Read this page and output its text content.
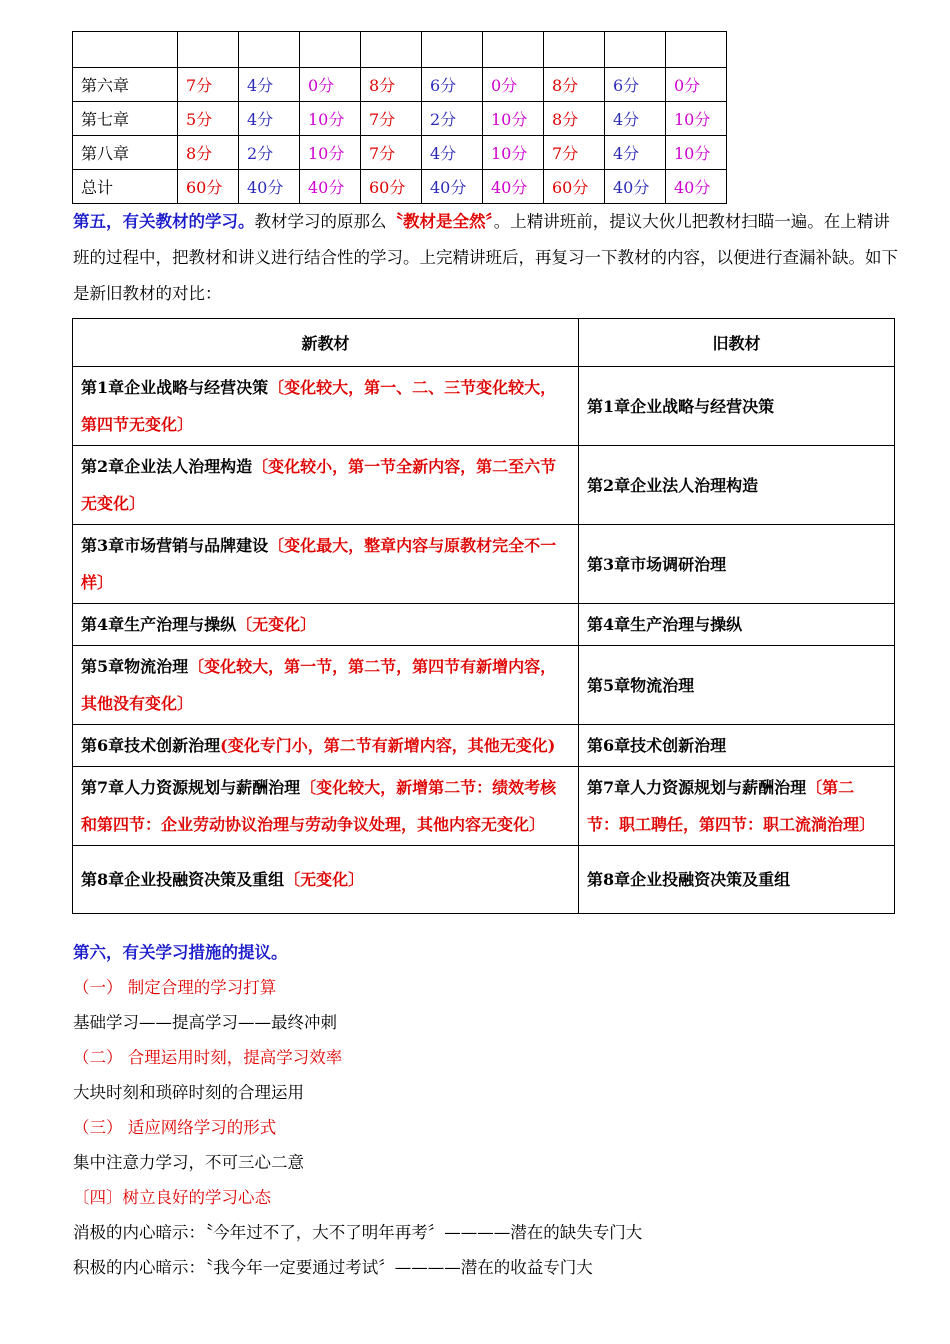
第六章	7分	4分	0分	8分	6分	0分	8分	6分	0分
第七章	5分	4分	10分	7分	2分	10分	8分	4分	10分
第八章	8分	2分	10分	7分	4分	10分	7分	4分	10分
总计	60分	40分	40分	60分	40分	40分	60分	40分	40分

第五，有关教材的学习。教材学习的原那么〝教材是全然〞。上精讲班前，提议大伙儿把教材扫瞄一遍。在上精讲班的过程中，把教材和讲义进行结合性的学习。上完精讲班后，再复习一下教材的内容，以便进行查漏补缺。如下是新旧教材的对比：

新教材	旧教材
第1章企业战略与经营决策〔变化较大，第一、二、三节变化较大，第四节无变化〕	第1章企业战略与经营决策
第2章企业法人治理构造〔变化较小，第一节全新内容，第二至六节无变化〕	第2章企业法人治理构造
第3章市场营销与品牌建设〔变化最大，整章内容与原教材完全不一样〕	第3章市场调研治理
第4章生产治理与操纵〔无变化〕	第4章生产治理与操纵
第5章物流治理〔变化较大，第一节，第二节，第四节有新增内容，其他没有变化〕	第5章物流治理
第6章技术创新治理(变化专门小，第二节有新增内容，其他无变化)	第6章技术创新治理
第7章人力资源规划与薪酬治理〔变化较大，新增第二节：绩效考核和第四节：企业劳动协议治理与劳动争议处理，其他内容无变化〕	第7章人力资源规划与薪酬治理〔第二节：职工聘任，第四节：职工流淌治理〕
第8章企业投融资决策及重组〔无变化〕	第8章企业投融资决策及重组

第六，有关学习措施的提议。

（一） 制定合理的学习打算

基础学习——提高学习——最终冲刺

（二） 合理运用时刻，提高学习效率

大块时刻和琐碎时刻的合理运用

（三） 适应网络学习的形式

集中注意力学习，不可三心二意

〔四〕树立良好的学习心态

消极的内心暗示：〝今年过不了，大不了明年再考〞————潜在的缺失专门大

积极的内心暗示：〝我今年一定要通过考试〞————潜在的收益专门大
